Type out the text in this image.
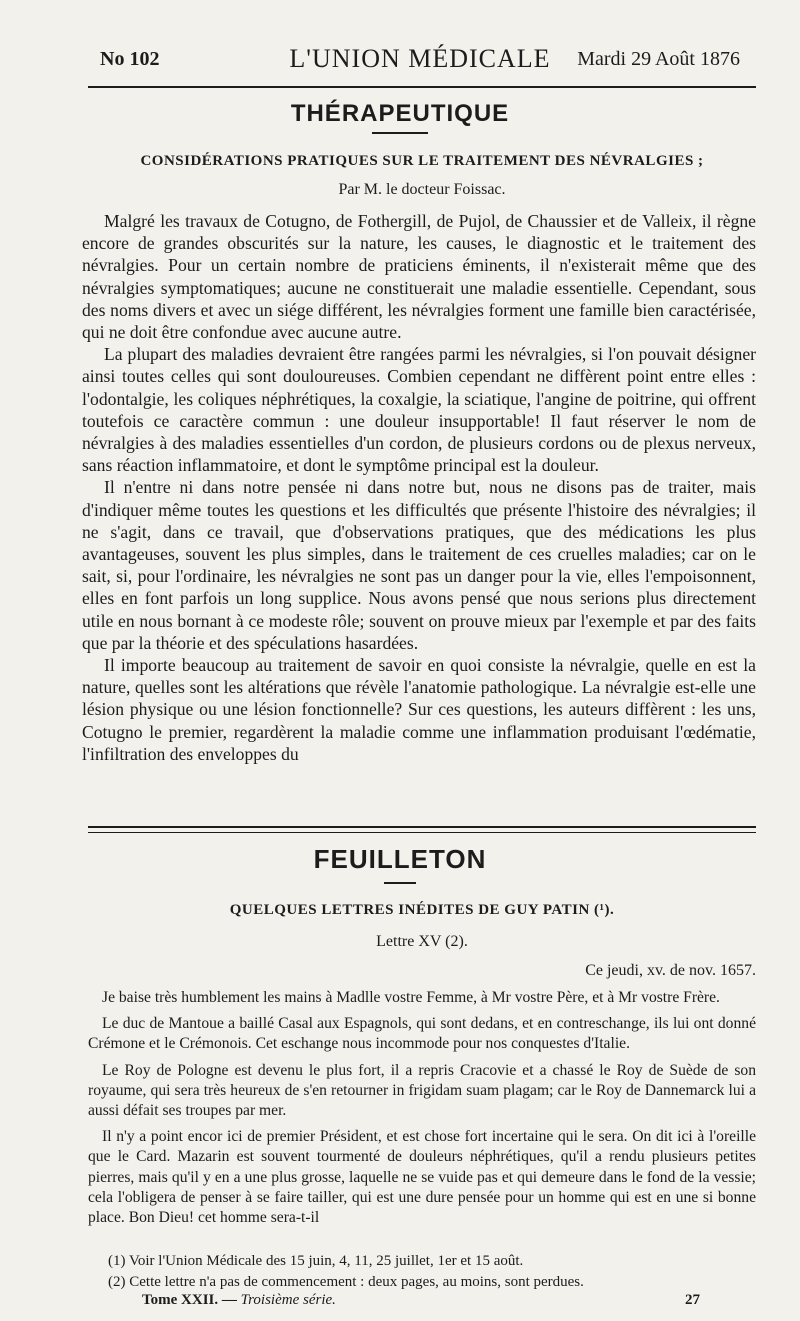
No 102	L'UNION MÉDICALE	Mardi 29 Août 1876
THÉRAPEUTIQUE
CONSIDÉRATIONS PRATIQUES SUR LE TRAITEMENT DES NÉVRALGIES ;
Par M. le docteur Foissac.

Malgré les travaux de Cotugno, de Fothergill, de Pujol, de Chaussier et de Valleix, il règne encore de grandes obscurités sur la nature, les causes, le diagnostic et le traitement des névralgies. Pour un certain nombre de praticiens éminents, il n'existerait même que des névralgies symptomatiques; aucune ne constituerait une maladie essentielle. Cependant, sous des noms divers et avec un siége différent, les névralgies forment une famille bien caractérisée, qui ne doit être confondue avec aucune autre.

La plupart des maladies devraient être rangées parmi les névralgies, si l'on pouvait désigner ainsi toutes celles qui sont douloureuses. Combien cependant ne diffèrent point entre elles : l'odontalgie, les coliques néphrétiques, la coxalgie, la sciatique, l'angine de poitrine, qui offrent toutefois ce caractère commun : une douleur insupportable! Il faut réserver le nom de névralgies à des maladies essentielles d'un cordon, de plusieurs cordons ou de plexus nerveux, sans réaction inflammatoire, et dont le symptôme principal est la douleur.

Il n'entre ni dans notre pensée ni dans notre but, nous ne disons pas de traiter, mais d'indiquer même toutes les questions et les difficultés que présente l'histoire des névralgies; il ne s'agit, dans ce travail, que d'observations pratiques, que des médications les plus avantageuses, souvent les plus simples, dans le traitement de ces cruelles maladies; car on le sait, si, pour l'ordinaire, les névralgies ne sont pas un danger pour la vie, elles l'empoisonnent, elles en font parfois un long supplice. Nous avons pensé que nous serions plus directement utile en nous bornant à ce modeste rôle; souvent on prouve mieux par l'exemple et par des faits que par la théorie et des spéculations hasardées.

Il importe beaucoup au traitement de savoir en quoi consiste la névralgie, quelle en est la nature, quelles sont les altérations que révèle l'anatomie pathologique. La névralgie est-elle une lésion physique ou une lésion fonctionnelle? Sur ces questions, les auteurs diffèrent : les uns, Cotugno le premier, regardèrent la maladie comme une inflammation produisant l'œdématie, l'infiltration des enveloppes du

FEUILLETON
QUELQUES LETTRES INÉDITES DE GUY PATIN (¹).
Lettre XV (2).
Ce jeudi, xv. de nov. 1657.

Je baise très humblement les mains à Madlle vostre Femme, à Mr vostre Père, et à Mr vostre Frère.

Le duc de Mantoue a baillé Casal aux Espagnols, qui sont dedans, et en contreschange, ils lui ont donné Crémone et le Crémonois. Cet eschange nous incommode pour nos conquestes d'Italie.

Le Roy de Pologne est devenu le plus fort, il a repris Cracovie et a chassé le Roy de Suède de son royaume, qui sera très heureux de s'en retourner in frigidam suam plagam; car le Roy de Dannemarck lui a aussi défait ses troupes par mer.

Il n'y a point encor ici de premier Président, et est chose fort incertaine qui le sera. On dit ici à l'oreille que le Card. Mazarin est souvent tourmenté de douleurs néphrétiques, qu'il a rendu plusieurs petites pierres, mais qu'il y en a une plus grosse, laquelle ne se vuide pas et qui demeure dans le fond de la vessie; cela l'obligera de penser à se faire tailler, qui est une dure pensée pour un homme qui est en une si bonne place. Bon Dieu! cet homme sera-t-il

(1) Voir l'Union Médicale des 15 juin, 4, 11, 25 juillet, 1er et 15 août.
(2) Cette lettre n'a pas de commencement : deux pages, au moins, sont perdues.
Tome XXII. — Troisième série.	27
